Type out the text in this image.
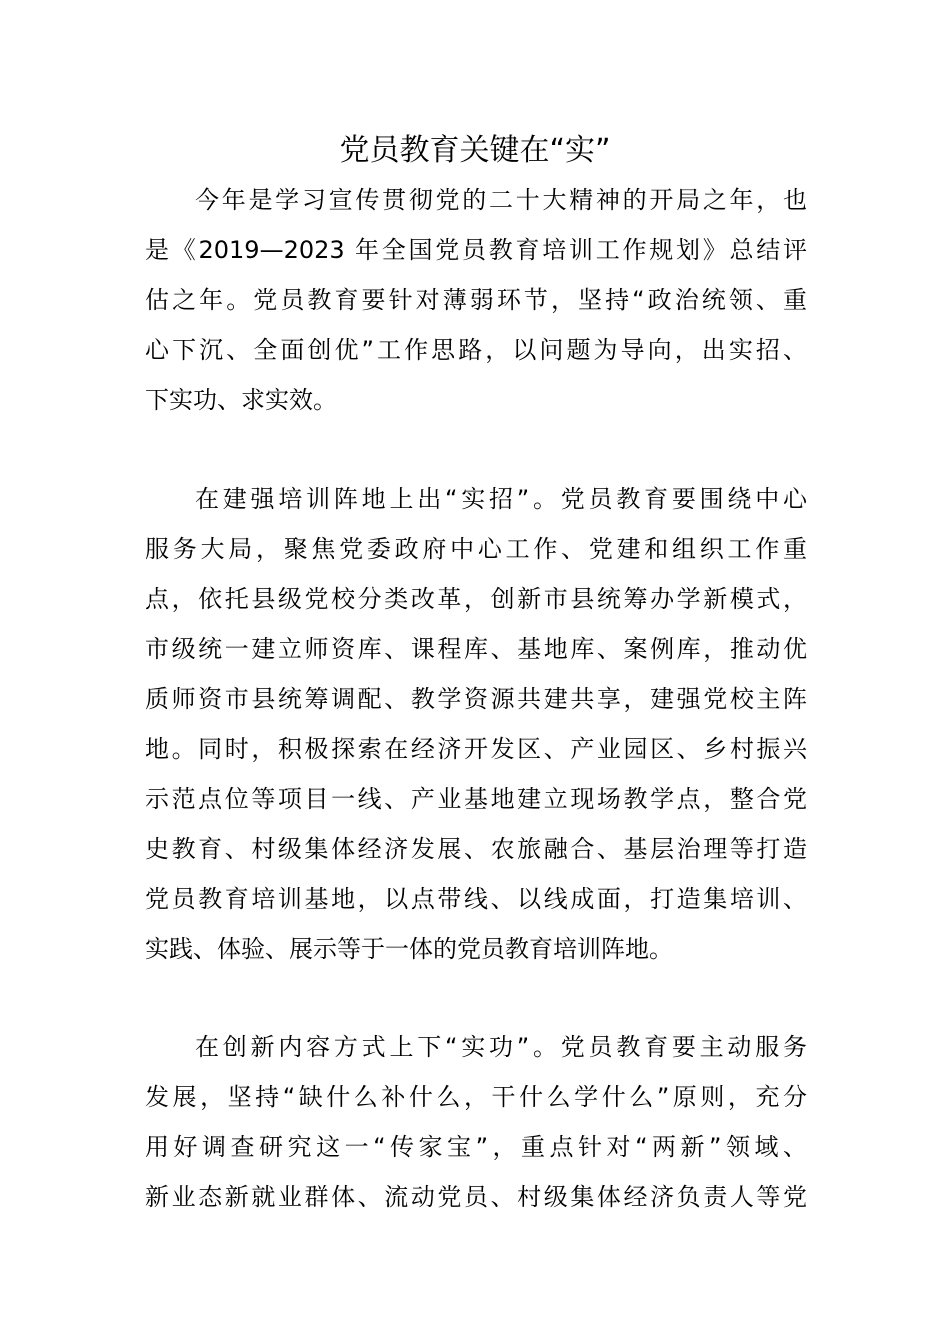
党员教育关键在“实”
今年是学习宣传贯彻党的二十大精神的开局之年，也
是《2019—2023 年全国党员教育培训工作规划》总结评
估之年。党员教育要针对薄弱环节，坚持“政治统领、重
心下沉、全面创优”工作思路，以问题为导向，出实招、
下实功、求实效。
在建强培训阵地上出“实招”。党员教育要围绕中心
服务大局，聚焦党委政府中心工作、党建和组织工作重
点，依托县级党校分类改革，创新市县统筹办学新模式，
市级统一建立师资库、课程库、基地库、案例库，推动优
质师资市县统筹调配、教学资源共建共享，建强党校主阵
地。同时，积极探索在经济开发区、产业园区、乡村振兴
示范点位等项目一线、产业基地建立现场教学点，整合党
史教育、村级集体经济发展、农旅融合、基层治理等打造
党员教育培训基地，以点带线、以线成面，打造集培训、
实践、体验、展示等于一体的党员教育培训阵地。
在创新内容方式上下“实功”。党员教育要主动服务
发展，坚持“缺什么补什么，干什么学什么”原则，充分
用好调查研究这一“传家宝”，重点针对“两新”领域、
新业态新就业群体、流动党员、村级集体经济负责人等党
